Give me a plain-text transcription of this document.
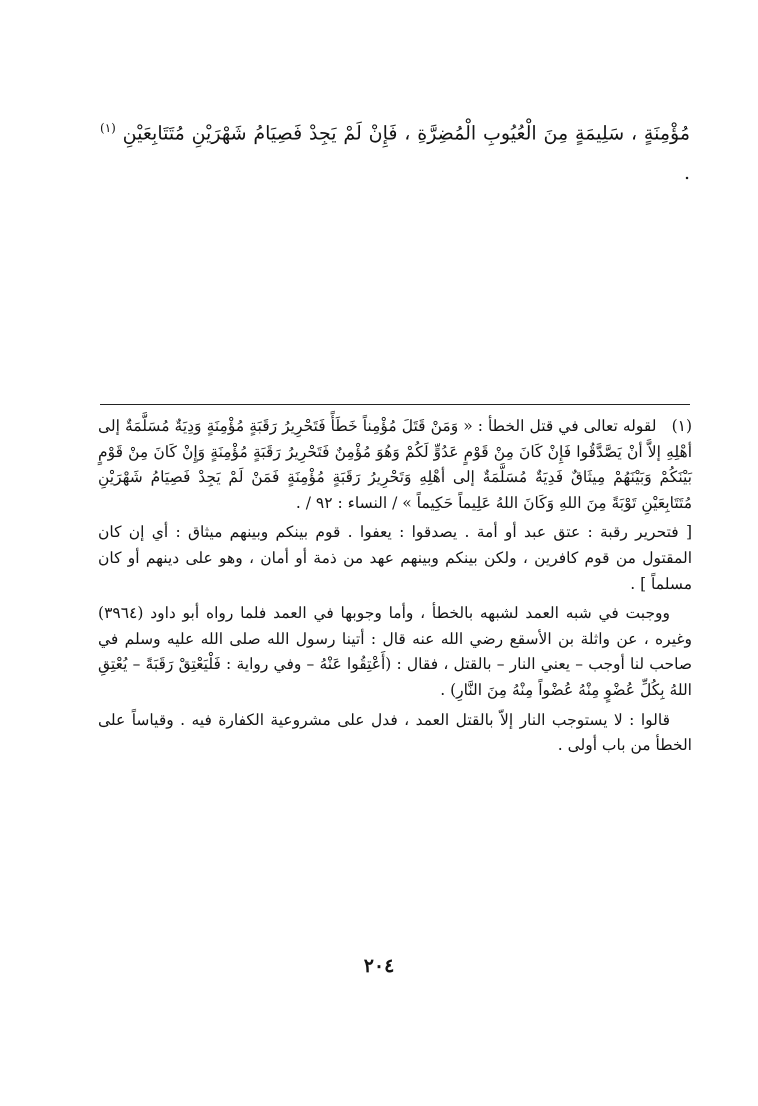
مُؤْمِنَةٍ ، سَلِيمَةٍ مِنَ الْعُيُوبِ الْمُضِرَّةِ ، فَإِنْ لَمْ يَجِدْ فَصِيَامُ شَهْرَيْنِ مُتَتَابِعَيْنِ $^{(١)}$ .

(١)   لقوله تعالى في قتل الخطأ : « وَمَنْ قَتَلَ مُؤْمِناً خَطَأً فَتَحْرِيرُ رَقَبَةٍ مُؤْمِنَةٍ وَدِيَةٌ مُسَلَّمَةٌ إلى أهْلِهِ إلاَّ أنْ يَصَّدَّقُوا فَإِنْ كَانَ مِنْ قَوْمٍ عَدُوٍّ لَكُمْ وَهُوَ مُؤْمِنٌ فَتَحْرِيرُ رَقَبَةٍ مُؤْمِنَةٍ وَإِنْ كَانَ مِنْ قَوْمٍ بَيْنَكُمْ وَبَيْنَهُمْ مِيثَاقٌ فَدِيَةٌ مُسَلَّمَةٌ إلى أهْلِهِ وَتَحْرِيرُ رَقَبَةٍ مُؤْمِنَةٍ فَمَنْ لَمْ يَجِدْ فَصِيَامُ شَهْرَيْنِ مُتَتَابِعَيْنِ تَوْبَةً مِنَ اللهِ وَكَانَ اللهُ عَلِيماً حَكِيماً » / النساء : ٩٢ / .

[ فتحرير رقبة : عتق عبد أو أمة . يصدقوا : يعفوا . قوم بينكم وبينهم ميثاق : أي إن كان المقتول من قوم كافرين ، ولكن بينكم وبينهم عهد من ذمة أو أمان ، وهو على دينهم أو كان مسلماً ] .

ووجبت في شبه العمد لشبهه بالخطأ ، وأما وجوبها في العمد فلما رواه أبو داود (٣٩٦٤) وغيره ، عن واثلة بن الأسقع رضي الله عنه قال : أتينا رسول الله صلى الله عليه وسلم في صاحب لنا أوجب – يعني النار – بالقتل ، فقال : (أَعْتِقُوا عَنْهُ – وفي رواية : فَلْيَعْتِقْ رَقَبَةً – يُعْتِقِ اللهُ بِكُلِّ عُضْوٍ مِنْهُ عُضْواً مِنْهُ مِنَ النَّارِ) .

قالوا : لا يستوجب النار إلاّ بالقتل العمد ، فدل على مشروعية الكفارة فيه . وقياساً على الخطأ من باب أولى .

٢٠٤
